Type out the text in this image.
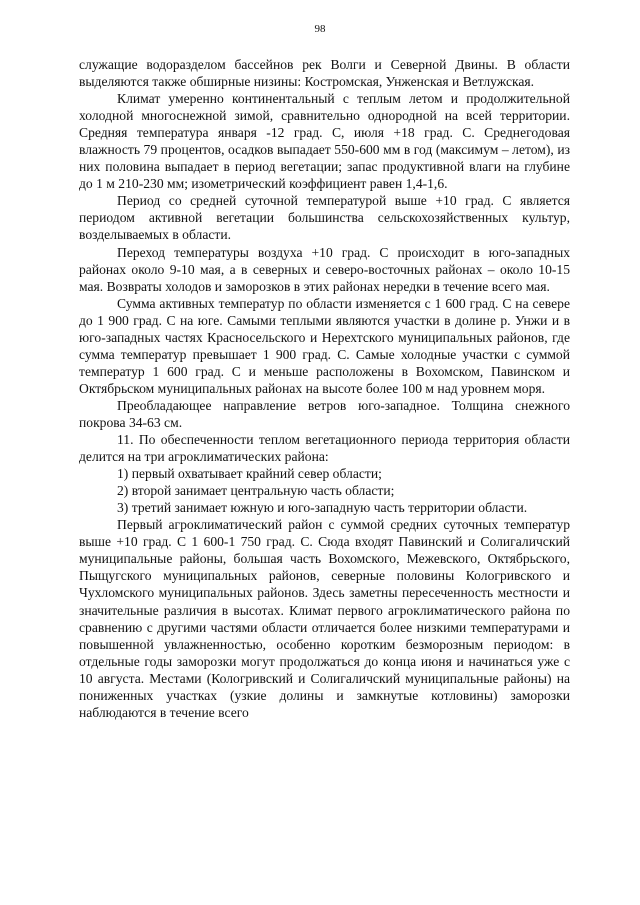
98

служащие водоразделом бассейнов рек Волги и Северной Двины. В области выделяются также обширные низины: Костромская, Унженская и Ветлужская.

Климат умеренно континентальный с теплым летом и продолжительной холодной многоснежной зимой, сравнительно однородной на всей территории. Средняя температура января -12 град. С, июля +18 град. С. Среднегодовая влажность 79 процентов, осадков выпадает 550-600 мм в год (максимум – летом), из них половина выпадает в период вегетации; запас продуктивной влаги на глубине до 1 м 210-230 мм; изометрический коэффициент равен 1,4-1,6.

Период со средней суточной температурой выше +10 град. С является периодом активной вегетации большинства сельскохозяйственных культур, возделываемых в области.

Переход температуры воздуха +10 град. С происходит в юго-западных районах около 9-10 мая, а в северных и северо-восточных районах – около 10-15 мая. Возвраты холодов и заморозков в этих районах нередки в течение всего мая.

Сумма активных температур по области изменяется с 1 600 град. С на севере до 1 900 град. С на юге. Самыми теплыми являются участки в долине р. Унжи и в юго-западных частях Красносельского и Нерехтского муниципальных районов, где сумма температур превышает 1 900 град. С. Самые холодные участки с суммой температур 1 600 град. С и меньше расположены в Вохомском, Павинском и Октябрьском муниципальных районах на высоте более 100 м над уровнем моря.

Преобладающее направление ветров юго-западное. Толщина снежного покрова 34-63 см.

11. По обеспеченности теплом вегетационного периода территория области делится на три агроклиматических района:

1) первый охватывает крайний север области;

2) второй занимает центральную часть области;

3) третий занимает южную и юго-западную часть территории области.

Первый агроклиматический район с суммой средних суточных температур выше +10 град. С 1 600-1 750 град. С. Сюда входят Павинский и Солигаличский муниципальные районы, большая часть Вохомского, Межевского, Октябрьского, Пыщугского муниципальных районов, северные половины Кологривского и Чухломского муниципальных районов. Здесь заметны пересеченность местности и значительные различия в высотах. Климат первого агроклиматического района по сравнению с другими частями области отличается более низкими температурами и повышенной увлажненностью, особенно коротким безморозным периодом: в отдельные годы заморозки могут продолжаться до конца июня и начинаться уже с 10 августа. Местами (Кологривский и Солигаличский муниципальные районы) на пониженных участках (узкие долины и замкнутые котловины) заморозки наблюдаются в течение всего
